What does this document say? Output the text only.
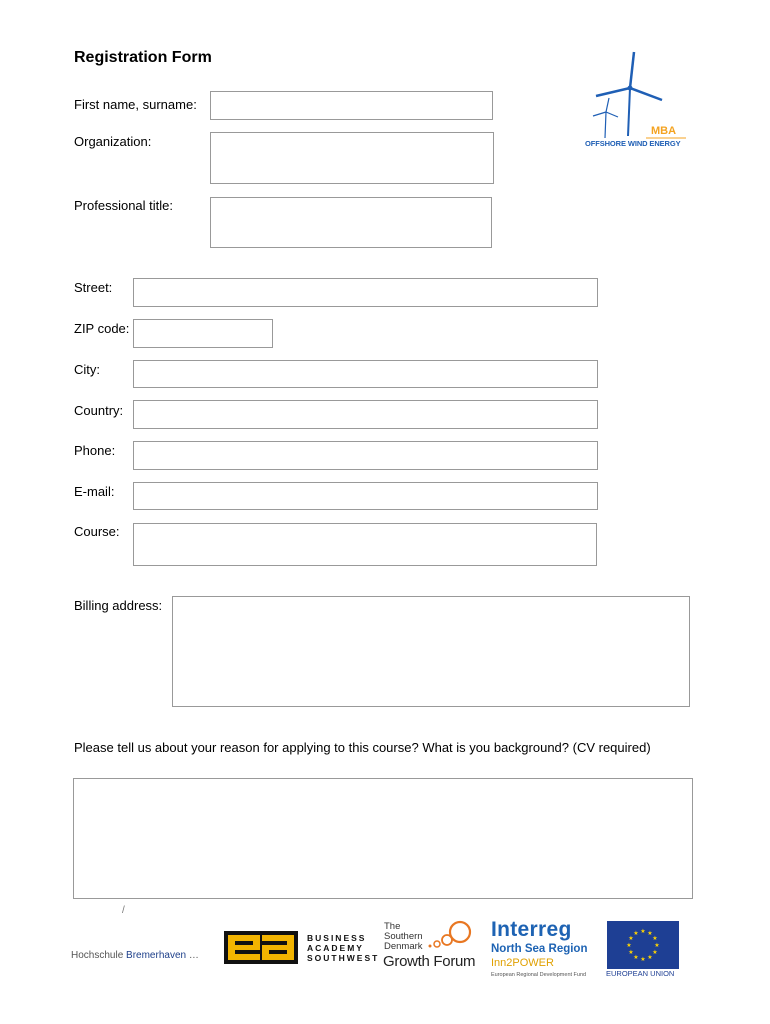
Registration Form
MBA
OFFSHORE WIND ENERGY
First name, surname:
Organization:
Professional title:
Street:
ZIP code:
City:
Country:
Phone:
E-mail:
Course:
Billing address:
Please tell us about your reason for applying to this course? What is you background? (CV required)
/
Hochschule Bremerhaven …
BUSINESS
ACADEMY
SOUTHWEST
The
Southern
Denmark
Growth Forum
Interreg
North Sea Region
Inn2POWER
European Regional Development Fund
★ ★
★
★
★
★
★
★
★
★
★
★
EUROPEAN UNION
